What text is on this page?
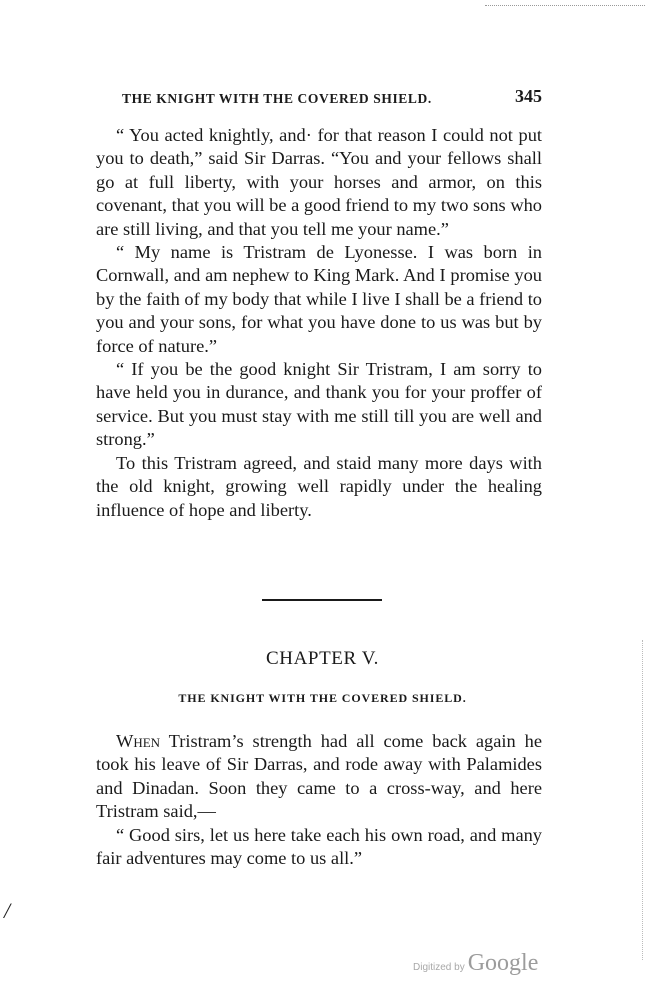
THE KNIGHT WITH THE COVERED SHIELD.	345

“ You acted knightly, and· for that reason I could not put you to death,” said Sir Darras. “You and your fellows shall go at full liberty, with your horses and armor, on this covenant, that you will be a good friend to my two sons who are still living, and that you tell me your name.”

“ My name is Tristram de Lyonesse. I was born in Cornwall, and am nephew to King Mark. And I promise you by the faith of my body that while I live I shall be a friend to you and your sons, for what you have done to us was but by force of nature.”

“ If you be the good knight Sir Tristram, I am sorry to have held you in durance, and thank you for your proffer of service. But you must stay with me still till you are well and strong.”

To this Tristram agreed, and staid many more days with the old knight, growing well rapidly under the healing influence of hope and liberty.

CHAPTER V.
THE KNIGHT WITH THE COVERED SHIELD.

When Tristram’s strength had all come back again he took his leave of Sir Darras, and rode away with Palamides and Dinadan. Soon they came to a cross-way, and here Tristram said,—

“ Good sirs, let us here take each his own road, and many fair adventures may come to us all.”

/
Digitized by Google
